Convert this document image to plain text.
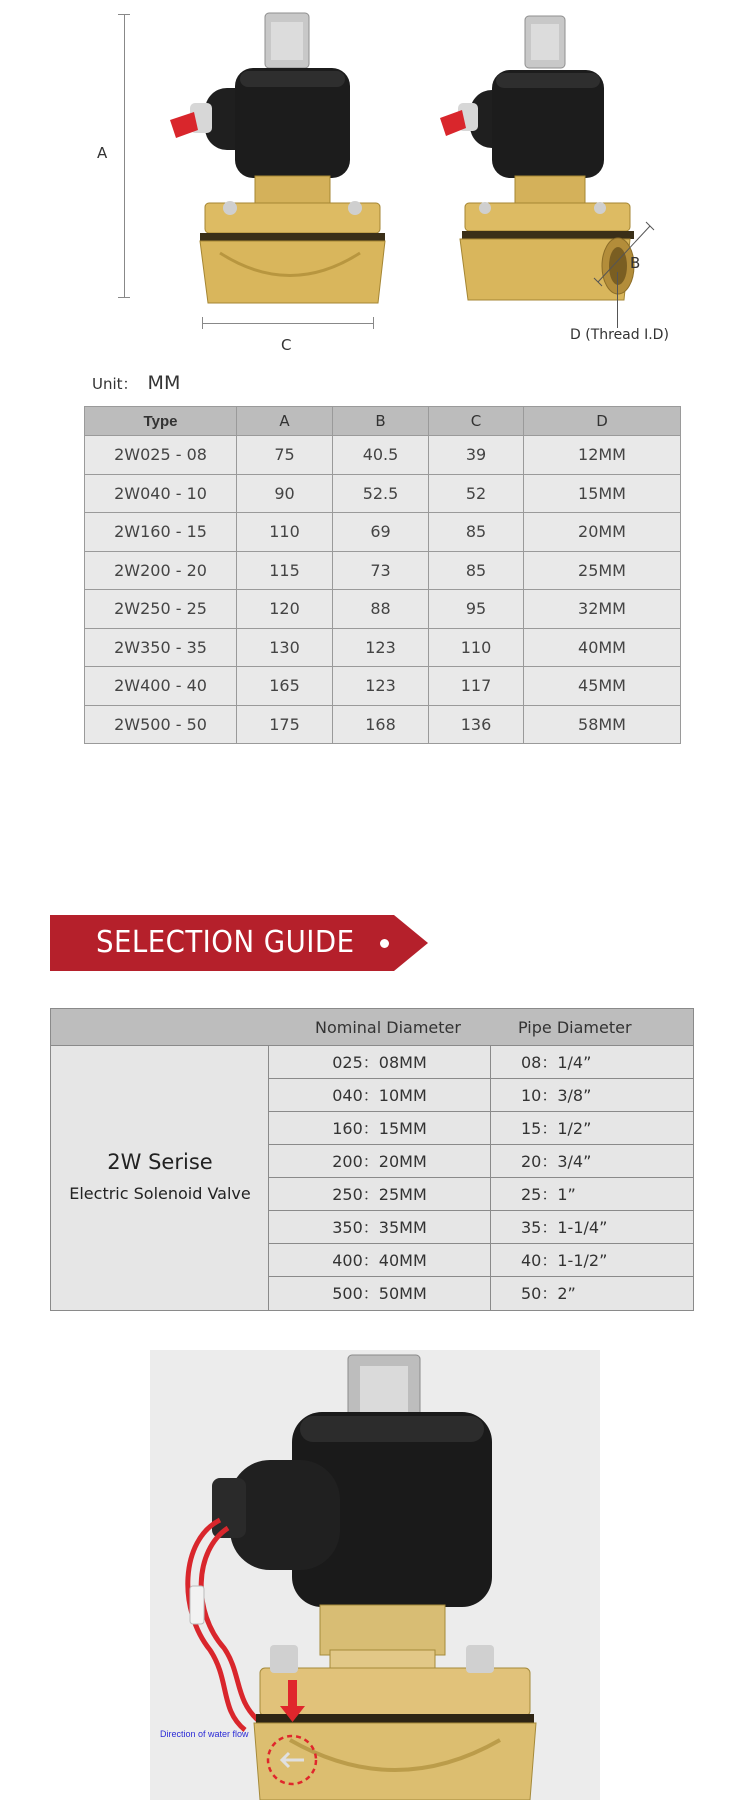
A
C
B
D (Thread I.D)
Unit： MM
Type	A	B	C	D
2W025 - 08	75	40.5	39	12MM
2W040 - 10	90	52.5	52	15MM
2W160 - 15	110	69	85	20MM
2W200 - 20	115	73	85	25MM
2W250 - 25	120	88	95	32MM
2W350 - 35	130	123	110	40MM
2W400 - 40	165	123	117	45MM
2W500 - 50	175	168	136	58MM
SELECTION GUIDE
Nominal Diameter	Pipe Diameter
2W Serise
Electric Solenoid Valve
025：08MM	08：1/4”
040：10MM	10：3/8”
160：15MM	15：1/2”
200：20MM	20：3/4”
250：25MM	25：1”
350：35MM	35：1-1/4”
400：40MM	40：1-1/2”
500：50MM	50：2”
Direction of water flow
